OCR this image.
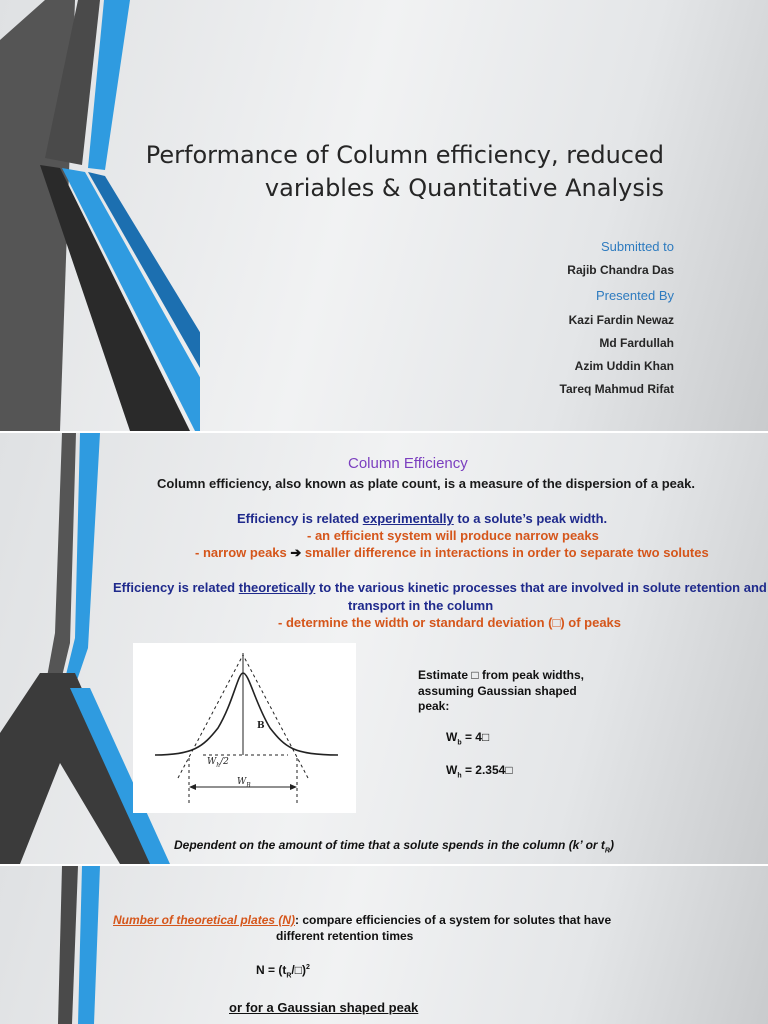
Performance of Column efficiency, reduced
variables & Quantitative Analysis
Submitted to
Rajib Chandra Das
Presented By
Kazi Fardin Newaz
Md Fardullah
Azim Uddin Khan
Tareq Mahmud Rifat
Column Efficiency
Column efficiency, also known as plate count, is a measure of the dispersion of a peak.
Efficiency is related experimentally to a solute’s peak width.
- an efficient system will produce narrow peaks
- narrow peaks ➔ smaller difference in interactions in order to separate two solutes
Efficiency is related theoretically to the various kinetic processes that are involved in solute retention and
transport in the column
- determine the width or standard deviation (□) of peaks
B
$W_h/2$
$W_B$
Estimate □ from peak widths,
assuming Gaussian shaped
peak:
$W_b$ = 4□
$W_h$ = 2.354□
Dependent on the amount of time that a solute spends in the column (k’ or $t_R$)
Number of theoretical plates (N): compare efficiencies of a system for solutes that have
different retention times
$N = (t_R/□)^2$
or for a Gaussian shaped peak
